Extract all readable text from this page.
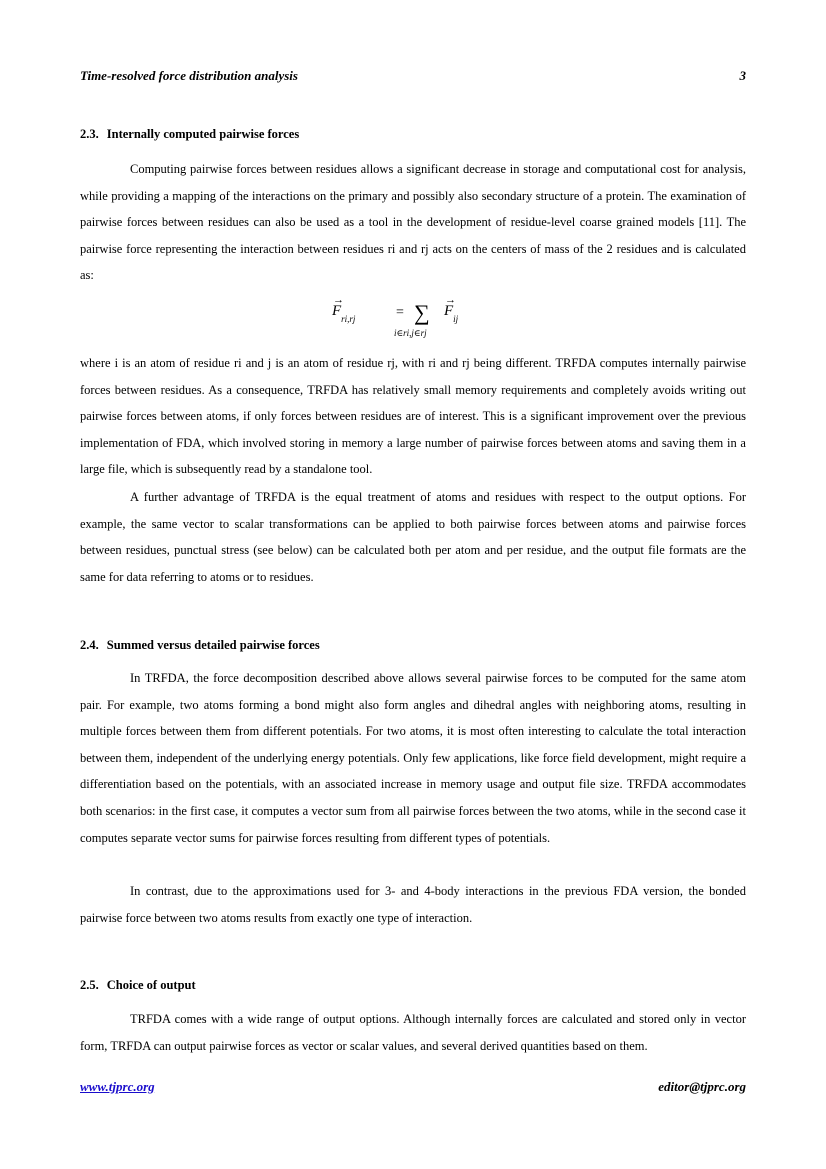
Time-resolved force distribution analysis	3
2.3. Internally computed pairwise forces

Computing pairwise forces between residues allows a significant decrease in storage and computational cost for analysis, while providing a mapping of the interactions on the primary and possibly also secondary structure of a protein. The examination of pairwise forces between residues can also be used as a tool in the development of residue-level coarse grained models [11]. The pairwise force representing the interaction between residues ri and rj acts on the centers of mass of the 2 residues and is calculated as:

→
$F_{ri,rj}$	= ∑
i∈ri,j∈rj
→
$F_{ij}$

where i is an atom of residue ri and j is an atom of residue rj, with ri and rj being different. TRFDA computes internally pairwise forces between residues. As a consequence, TRFDA has relatively small memory requirements and completely avoids writing out pairwise forces between atoms, if only forces between residues are of interest. This is a significant improvement over the previous implementation of FDA, which involved storing in memory a large number of pairwise forces between atoms and saving them in a large file, which is subsequently read by a standalone tool.

A further advantage of TRFDA is the equal treatment of atoms and residues with respect to the output options. For example, the same vector to scalar transformations can be applied to both pairwise forces between atoms and pairwise forces between residues, punctual stress (see below) can be calculated both per atom and per residue, and the output file formats are the same for data referring to atoms or to residues.

2.4. Summed versus detailed pairwise forces

In TRFDA, the force decomposition described above allows several pairwise forces to be computed for the same atom pair. For example, two atoms forming a bond might also form angles and dihedral angles with neighboring atoms, resulting in multiple forces between them from different potentials. For two atoms, it is most often interesting to calculate the total interaction between them, independent of the underlying energy potentials. Only few applications, like force field development, might require a differentiation based on the potentials, with an associated increase in memory usage and output file size. TRFDA accommodates both scenarios: in the first case, it computes a vector sum from all pairwise forces between the two atoms, while in the second case it computes separate vector sums for pairwise forces resulting from different types of potentials.

In contrast, due to the approximations used for 3- and 4-body interactions in the previous FDA version, the bonded pairwise force between two atoms results from exactly one type of interaction.

2.5. Choice of output

TRFDA comes with a wide range of output options. Although internally forces are calculated and stored only in vector form, TRFDA can output pairwise forces as vector or scalar values, and several derived quantities based on them.

www.tjprc.org	editor@tjprc.org
